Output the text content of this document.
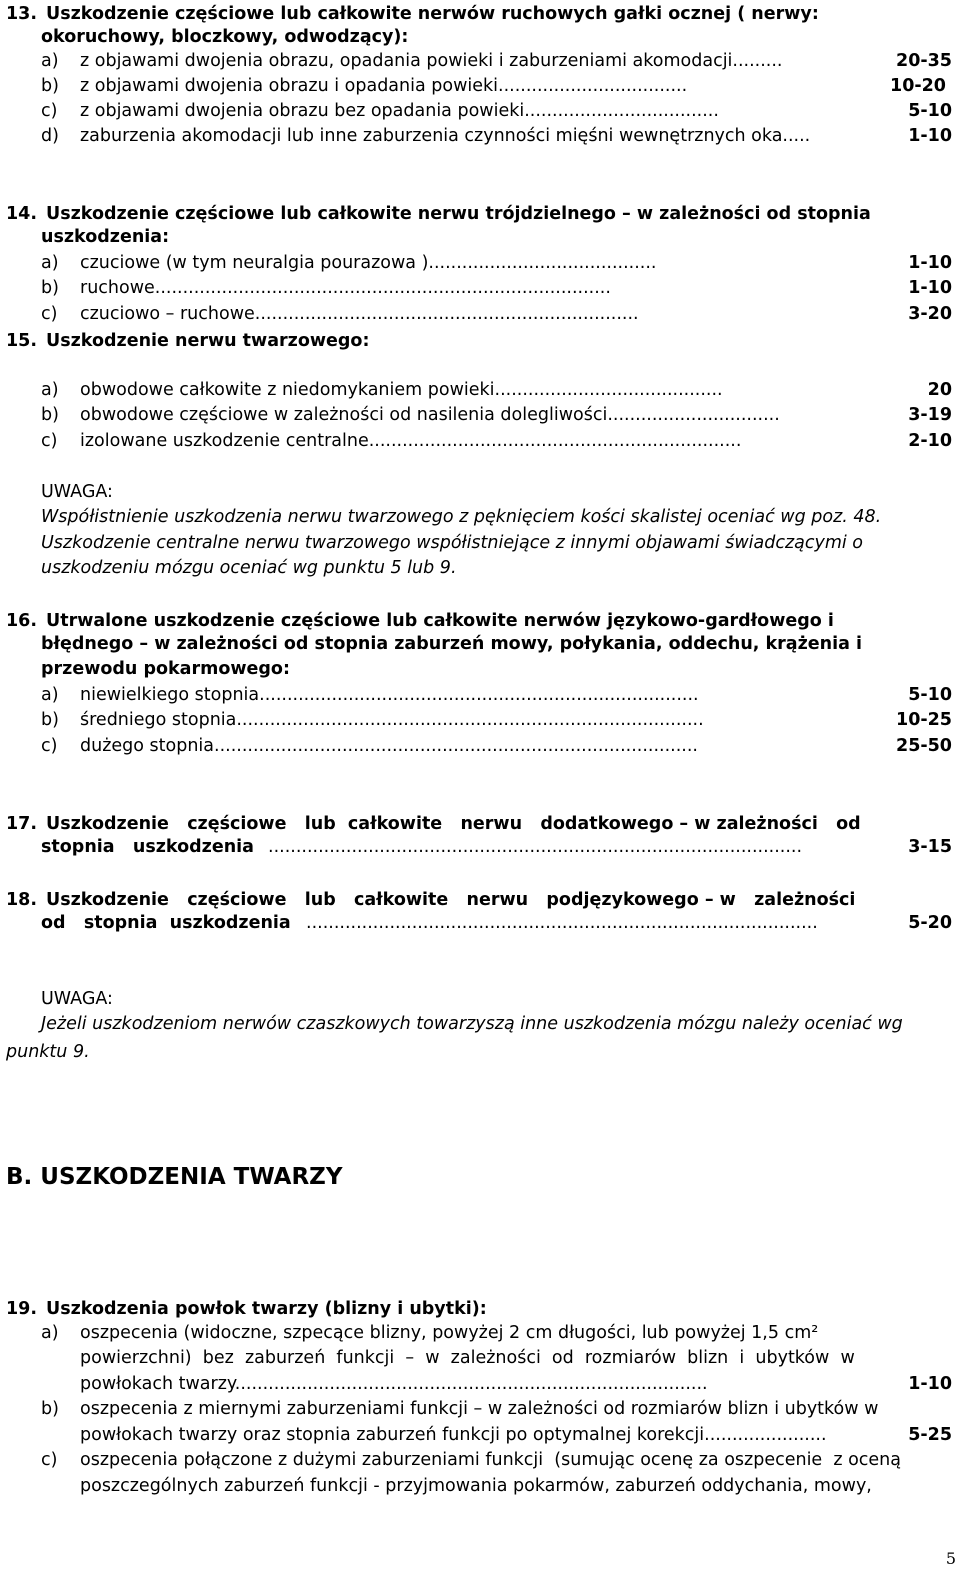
13. Uszkodzenie częściowe lub całkowite nerwów ruchowych gałki ocznej ( nerwy:
okoruchowy, bloczkowy, odwodzący):
a) z objawami dwojenia obrazu, opadania powieki i zaburzeniami akomodacji.........	20-35
b) z objawami dwojenia obrazu i opadania powieki..................................	10-20
c) z objawami dwojenia obrazu bez opadania powieki...................................	5-10
d) zaburzenia akomodacji lub inne zaburzenia czynności mięśni wewnętrznych oka.....	1-10
14. Uszkodzenie częściowe lub całkowite nerwu trójdzielnego – w zależności od stopnia
uszkodzenia:
a) czuciowe (w tym neuralgia pourazowa ).........................................	1-10
b) ruchowe..................................................................................	1-10
c) czuciowo – ruchowe.....................................................................	3-20
15. Uszkodzenie nerwu twarzowego:
a) obwodowe całkowite z niedomykaniem powieki.........................................	20
b) obwodowe częściowe w zależności od nasilenia dolegliwości...............................	3-19
c) izolowane uszkodzenie centralne...................................................................	2-10
UWAGA:
Współistnienie uszkodzenia nerwu twarzowego z pęknięciem kości skalistej oceniać wg poz. 48.
Uszkodzenie centralne nerwu twarzowego współistniejące z innymi objawami świadczącymi o
uszkodzeniu mózgu oceniać wg punktu 5 lub 9.
16. Utrwalone uszkodzenie częściowe lub całkowite nerwów językowo-gardłowego i
błędnego – w zależności od stopnia zaburzeń mowy, połykania, oddechu, krążenia i
przewodu pokarmowego:
a) niewielkiego stopnia...............................................................................	5-10
b) średniego stopnia....................................................................................	10-25
c) dużego stopnia.......................................................................................	25-50
17. Uszkodzenie   częściowe   lub  całkowite   nerwu   dodatkowego – w zależności   od
stopnia   uszkodzenia ................................................................................................	3-15
18. Uszkodzenie   częściowe   lub   całkowite   nerwu   podjęzykowego – w   zależności
od   stopnia  uszkodzenia ............................................................................................	5-20
UWAGA:
Jeżeli uszkodzeniom nerwów czaszkowych towarzyszą inne uszkodzenia mózgu należy oceniać wg
punktu 9.
B. USZKODZENIA TWARZY
19. Uszkodzenia powłok twarzy (blizny i ubytki):
a) oszpecenia (widoczne, szpecące blizny, powyżej 2 cm długości, lub powyżej 1,5 cm²
powierzchni)  bez  zaburzeń  funkcji  –  w  zależności  od  rozmiarów  blizn  i  ubytków  w
powłokach twarzy.....................................................................................	1-10
b) oszpecenia z miernymi zaburzeniami funkcji – w zależności od rozmiarów blizn i ubytków w
powłokach twarzy oraz stopnia zaburzeń funkcji po optymalnej korekcji......................	5-25
c) oszpecenia połączone z dużymi zaburzeniami funkcji  (sumując ocenę za oszpecenie  z oceną
poszczególnych zaburzeń funkcji - przyjmowania pokarmów, zaburzeń oddychania, mowy,
5
